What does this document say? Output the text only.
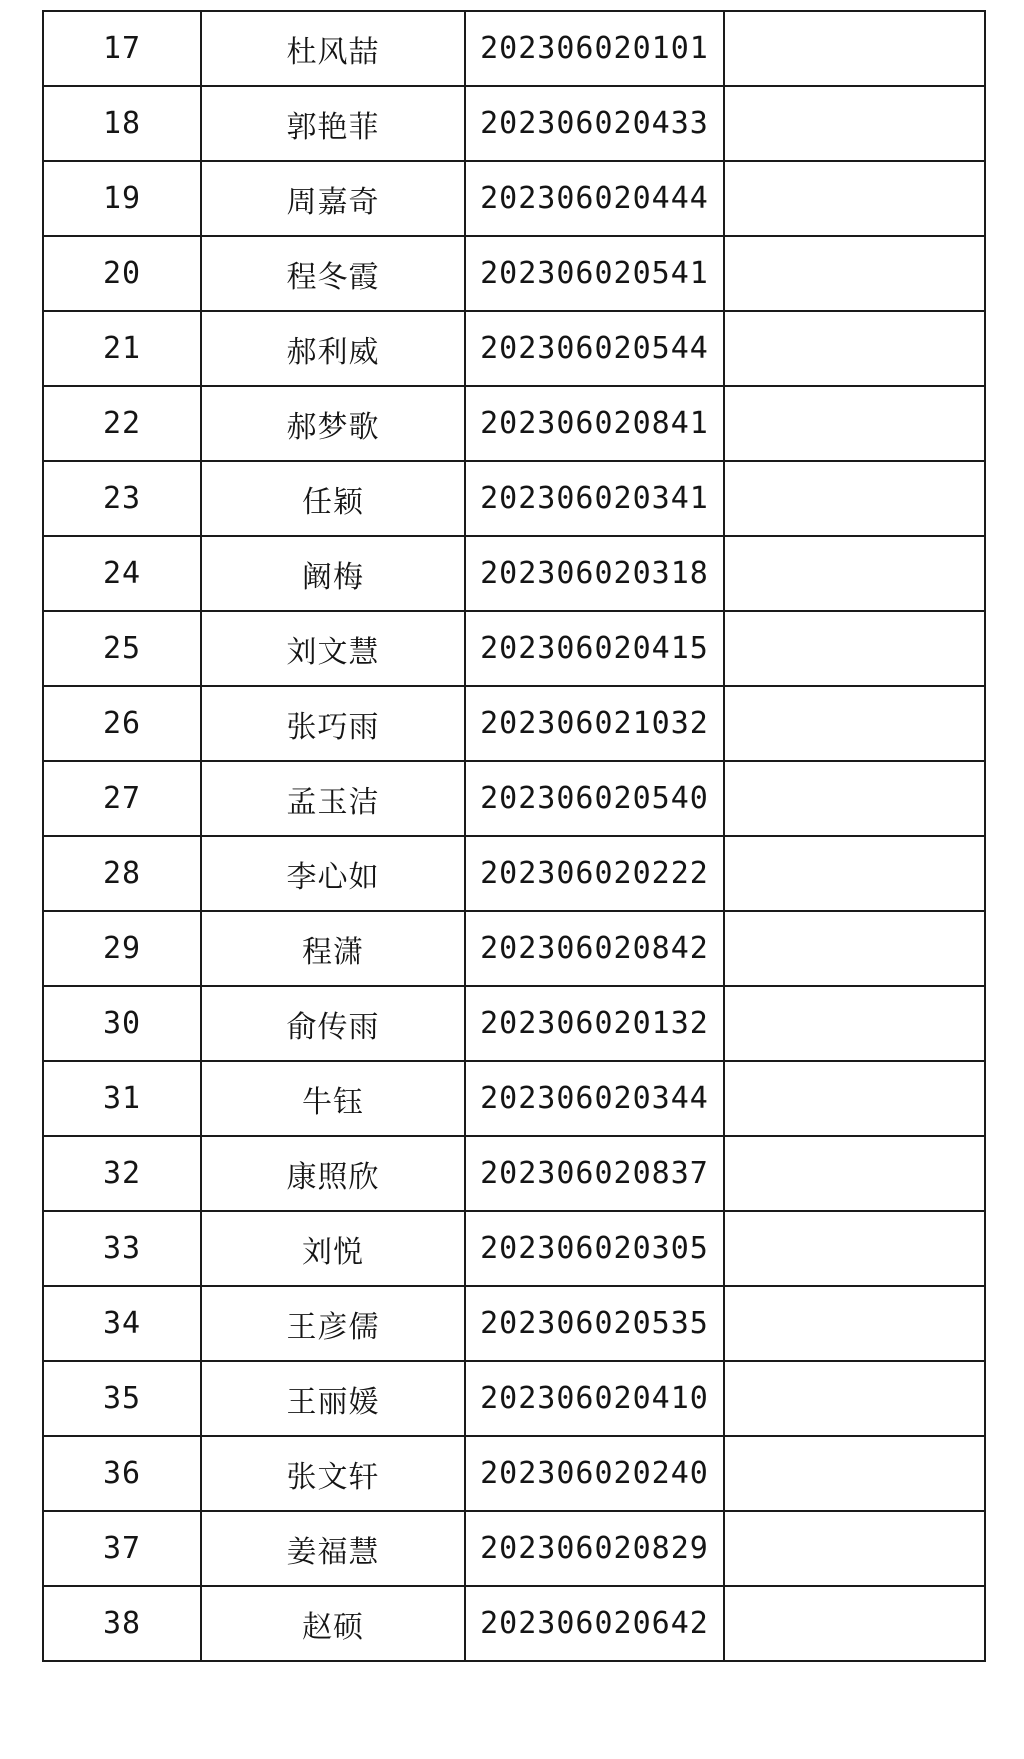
17	杜风喆	202306020101	
18	郭艳菲	202306020433	
19	周嘉奇	202306020444	
20	程冬霞	202306020541	
21	郝利威	202306020544	
22	郝梦歌	202306020841	
23	任颖	202306020341	
24	阚梅	202306020318	
25	刘文慧	202306020415	
26	张巧雨	202306021032	
27	孟玉洁	202306020540	
28	李心如	202306020222	
29	程潇	202306020842	
30	俞传雨	202306020132	
31	牛钰	202306020344	
32	康照欣	202306020837	
33	刘悦	202306020305	
34	王彦儒	202306020535	
35	王丽媛	202306020410	
36	张文轩	202306020240	
37	姜福慧	202306020829	
38	赵硕	202306020642	
